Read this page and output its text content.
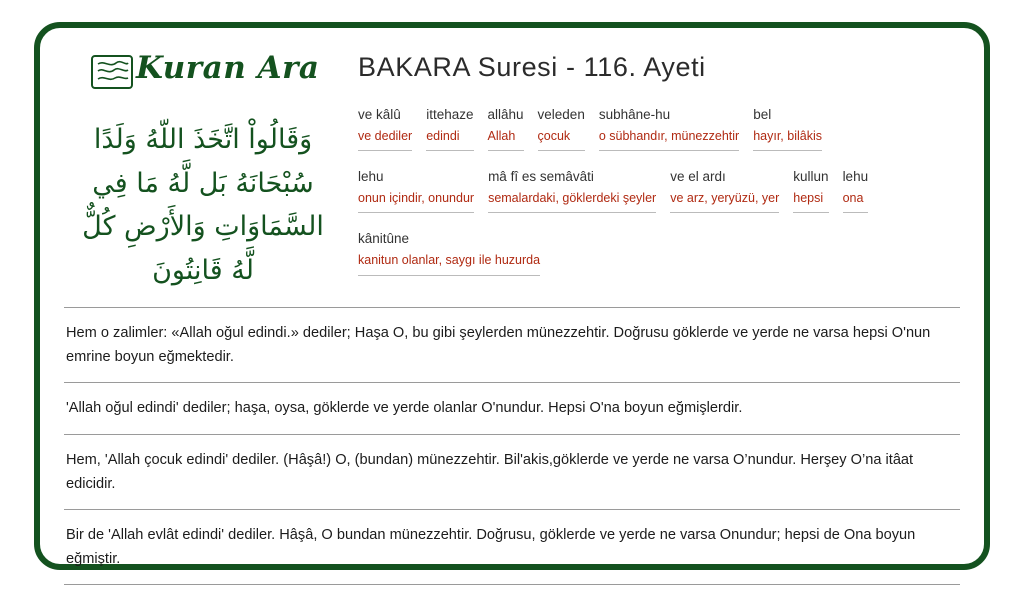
Kuran Ara
وَقَالُواْ اتَّخَذَ اللّهُ وَلَدًا سُبْحَانَهُ بَل لَّهُ مَا فِي السَّمَاوَاتِ وَالأَرْضِ كُلٌّ لَّهُ قَانِتُونَ
BAKARA Suresi - 116. Ayeti
ve kâlû
ve dediler
ittehaze
edindi
allâhu
Allah
veleden
çocuk
subhâne-hu
o sübhandır, münezzehtir
bel
hayır, bilâkis
lehu
onun içindir, onundur
mâ fî es semâvâti
semalardaki, göklerdeki şeyler
ve el ardı
ve arz, yeryüzü, yer
kullun
hepsi
lehu
ona
kânitûne
kanitun olanlar, saygı ile huzurda
Hem o zalimler: «Allah oğul edindi.» dediler; Haşa O, bu gibi şeylerden münezzehtir. Doğrusu göklerde ve yerde ne varsa hepsi O'nun emrine boyun eğmektedir.
'Allah oğul edindi' dediler; haşa, oysa, göklerde ve yerde olanlar O'nundur. Hepsi O'na boyun eğmişlerdir.
Hem, 'Allah çocuk edindi' dediler. (Hâşâ!) O, (bundan) münezzehtir. Bil'akis,göklerde ve yerde ne varsa O’nundur. Herşey O’na itâat edicidir.
Bir de 'Allah evlât edindi' dediler. Hâşâ, O bundan münezzehtir. Doğrusu, göklerde ve yerde ne varsa Onundur; hepsi de Ona boyun eğmiştir.
